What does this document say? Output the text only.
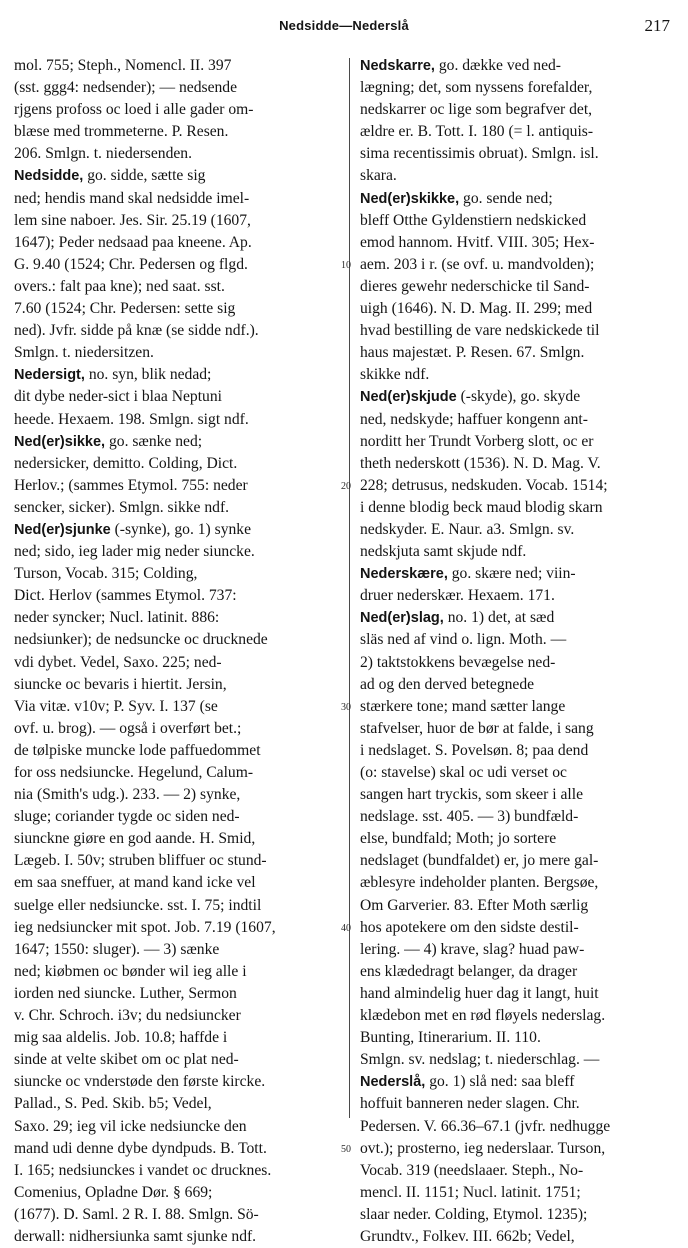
Nedsidde—Nederslå	217
mol. 755; Steph., Nomencl. II. 397
(sst. ggg4: nedsender); — nedsende
rjgens profoss oc loed i alle gader om-
blæse med trommeterne. P. Resen.
206. Smlgn. t. niedersenden.
Nedsidde, go. sidde, sætte sig
ned; hendis mand skal nedsidde imel-
lem sine naboer. Jes. Sir. 25.19 (1607,
1647); Peder nedsaad paa kneene. Ap.
G. 9.40 (1524; Chr. Pedersen og flgd.
overs.: falt paa kne); ned saat. sst.
7.60 (1524; Chr. Pedersen: sette sig
ned). Jvfr. sidde på knæ (se sidde ndf.).
Smlgn. t. niedersitzen.
Nedersigt, no. syn, blik nedad;
dit dybe neder-sict i blaa Neptuni
heede. Hexaem. 198. Smlgn. sigt ndf.
Ned(er)sikke, go. sænke ned;
nedersicker, demitto. Colding, Dict.
Herlov.; (sammes Etymol. 755: neder
sencker, sicker). Smlgn. sikke ndf.
Ned(er)sjunke (-synke), go. 1) synke
ned; sido, ieg lader mig neder siuncke.
Turson, Vocab. 315; Colding,
Dict. Herlov (sammes Etymol. 737:
neder syncker; Nucl. latinit. 886:
nedsiunker); de nedsuncke oc drucknede
vdi dybet. Vedel, Saxo. 225; ned-
siuncke oc bevaris i hiertit. Jersin,
Via vitæ. v10v; P. Syv. I. 137 (se
ovf. u. brog). — også i overført bet.;
de tølpiske muncke lode paffuedommet
for oss nedsiuncke. Hegelund, Calum-
nia (Smith's udg.). 233. — 2) synke,
sluge; coriander tygde oc siden ned-
siunckne giøre en god aande. H. Smid,
Lægeb. I. 50v; struben bliffuer oc stund-
em saa sneffuer, at mand kand icke vel
suelge eller nedsiuncke. sst. I. 75; indtil
ieg nedsiuncker mit spot. Job. 7.19 (1607,
1647; 1550: sluger). — 3) sænke
ned; kiøbmen oc bønder wil ieg alle i
iorden ned siuncke. Luther, Sermon
v. Chr. Schroch. i3v; du nedsiuncker
mig saa aldelis. Job. 10.8; haffde i
sinde at velte skibet om oc plat ned-
siuncke oc vnderstøde den første kircke.
Pallad., S. Ped. Skib. b5; Vedel,
Saxo. 29; ieg vil icke nedsiuncke den
mand udi denne dybe dyndpuds. B. Tott.
I. 165; nedsiunckes i vandet oc drucknes.
Comenius, Opladne Dør. § 669;
(1677). D. Saml. 2 R. I. 88. Smlgn. Sö-
derwall: nidhersiunka samt sjunke ndf.
Nedskarre, go. dække ved ned-
lægning; det, som nyssens forefalder,
nedskarrer oc lige som begrafver det,
ældre er. B. Tott. I. 180 (= l. antiquis-
sima recentissimis obruat). Smlgn. isl.
skara.
Ned(er)skikke, go. sende ned;
bleff Otthe Gyldenstiern nedskicked
emod hannom. Hvitf. VIII. 305; Hex-
aem. 203 i r. (se ovf. u. mandvolden);
dieres gewehr nederschicke til Sand-
uigh (1646). N. D. Mag. II. 299; med
hvad bestilling de vare nedskickede til
haus majestæt. P. Resen. 67. Smlgn.
skikke ndf.
Ned(er)skjude (-skyde), go. skyde
ned, nedskyde; haffuer kongenn ant-
norditt her Trundt Vorberg slott, oc er
theth nederskott (1536). N. D. Mag. V.
228; detrusus, nedskuden. Vocab. 1514;
i denne blodig beck maud blodig skarn
nedskyder. E. Naur. a3. Smlgn. sv.
nedskjuta samt skjude ndf.
Nederskære, go. skære ned; viin-
druer nederskær. Hexaem. 171.
Ned(er)slag, no. 1) det, at sæd
släs ned af vind o. lign. Moth. —
2) taktstokkens bevægelse ned-
ad og den derved betegnede
stærkere tone; mand sætter lange
stafvelser, huor de bør at falde, i sang
i nedslaget. S. Povelsøn. 8; paa dend
(o: stavelse) skal oc udi verset oc
sangen hart tryckis, som skeer i alle
nedslage. sst. 405. — 3) bundfæld-
else, bundfald; Moth; jo sortere
nedslaget (bundfaldet) er, jo mere gal-
æblesyre indeholder planten. Bergsøe,
Om Garverier. 83. Efter Moth særlig
hos apotekere om den sidste destil-
lering. — 4) krave, slag? huad paw-
ens klædedragt belanger, da drager
hand almindelig huer dag it langt, huit
klædebon met en rød fløyels nederslag.
Bunting, Itinerarium. II. 110.
Smlgn. sv. nedslag; t. niederschlag. —
Nederslå, go. 1) slå ned: saa bleff
hoffuit banneren neder slagen. Chr.
Pedersen. V. 66.36–67.1 (jvfr. nedhugge
ovt.); prosterno, ieg nederslaar. Turson,
Vocab. 319 (needslaaer. Steph., No-
mencl. II. 1151; Nucl. latinit. 1751;
slaar neder. Colding, Etymol. 1235);
Grundtv., Folkev. III. 662b; Vedel,
10
20
30
40
50
